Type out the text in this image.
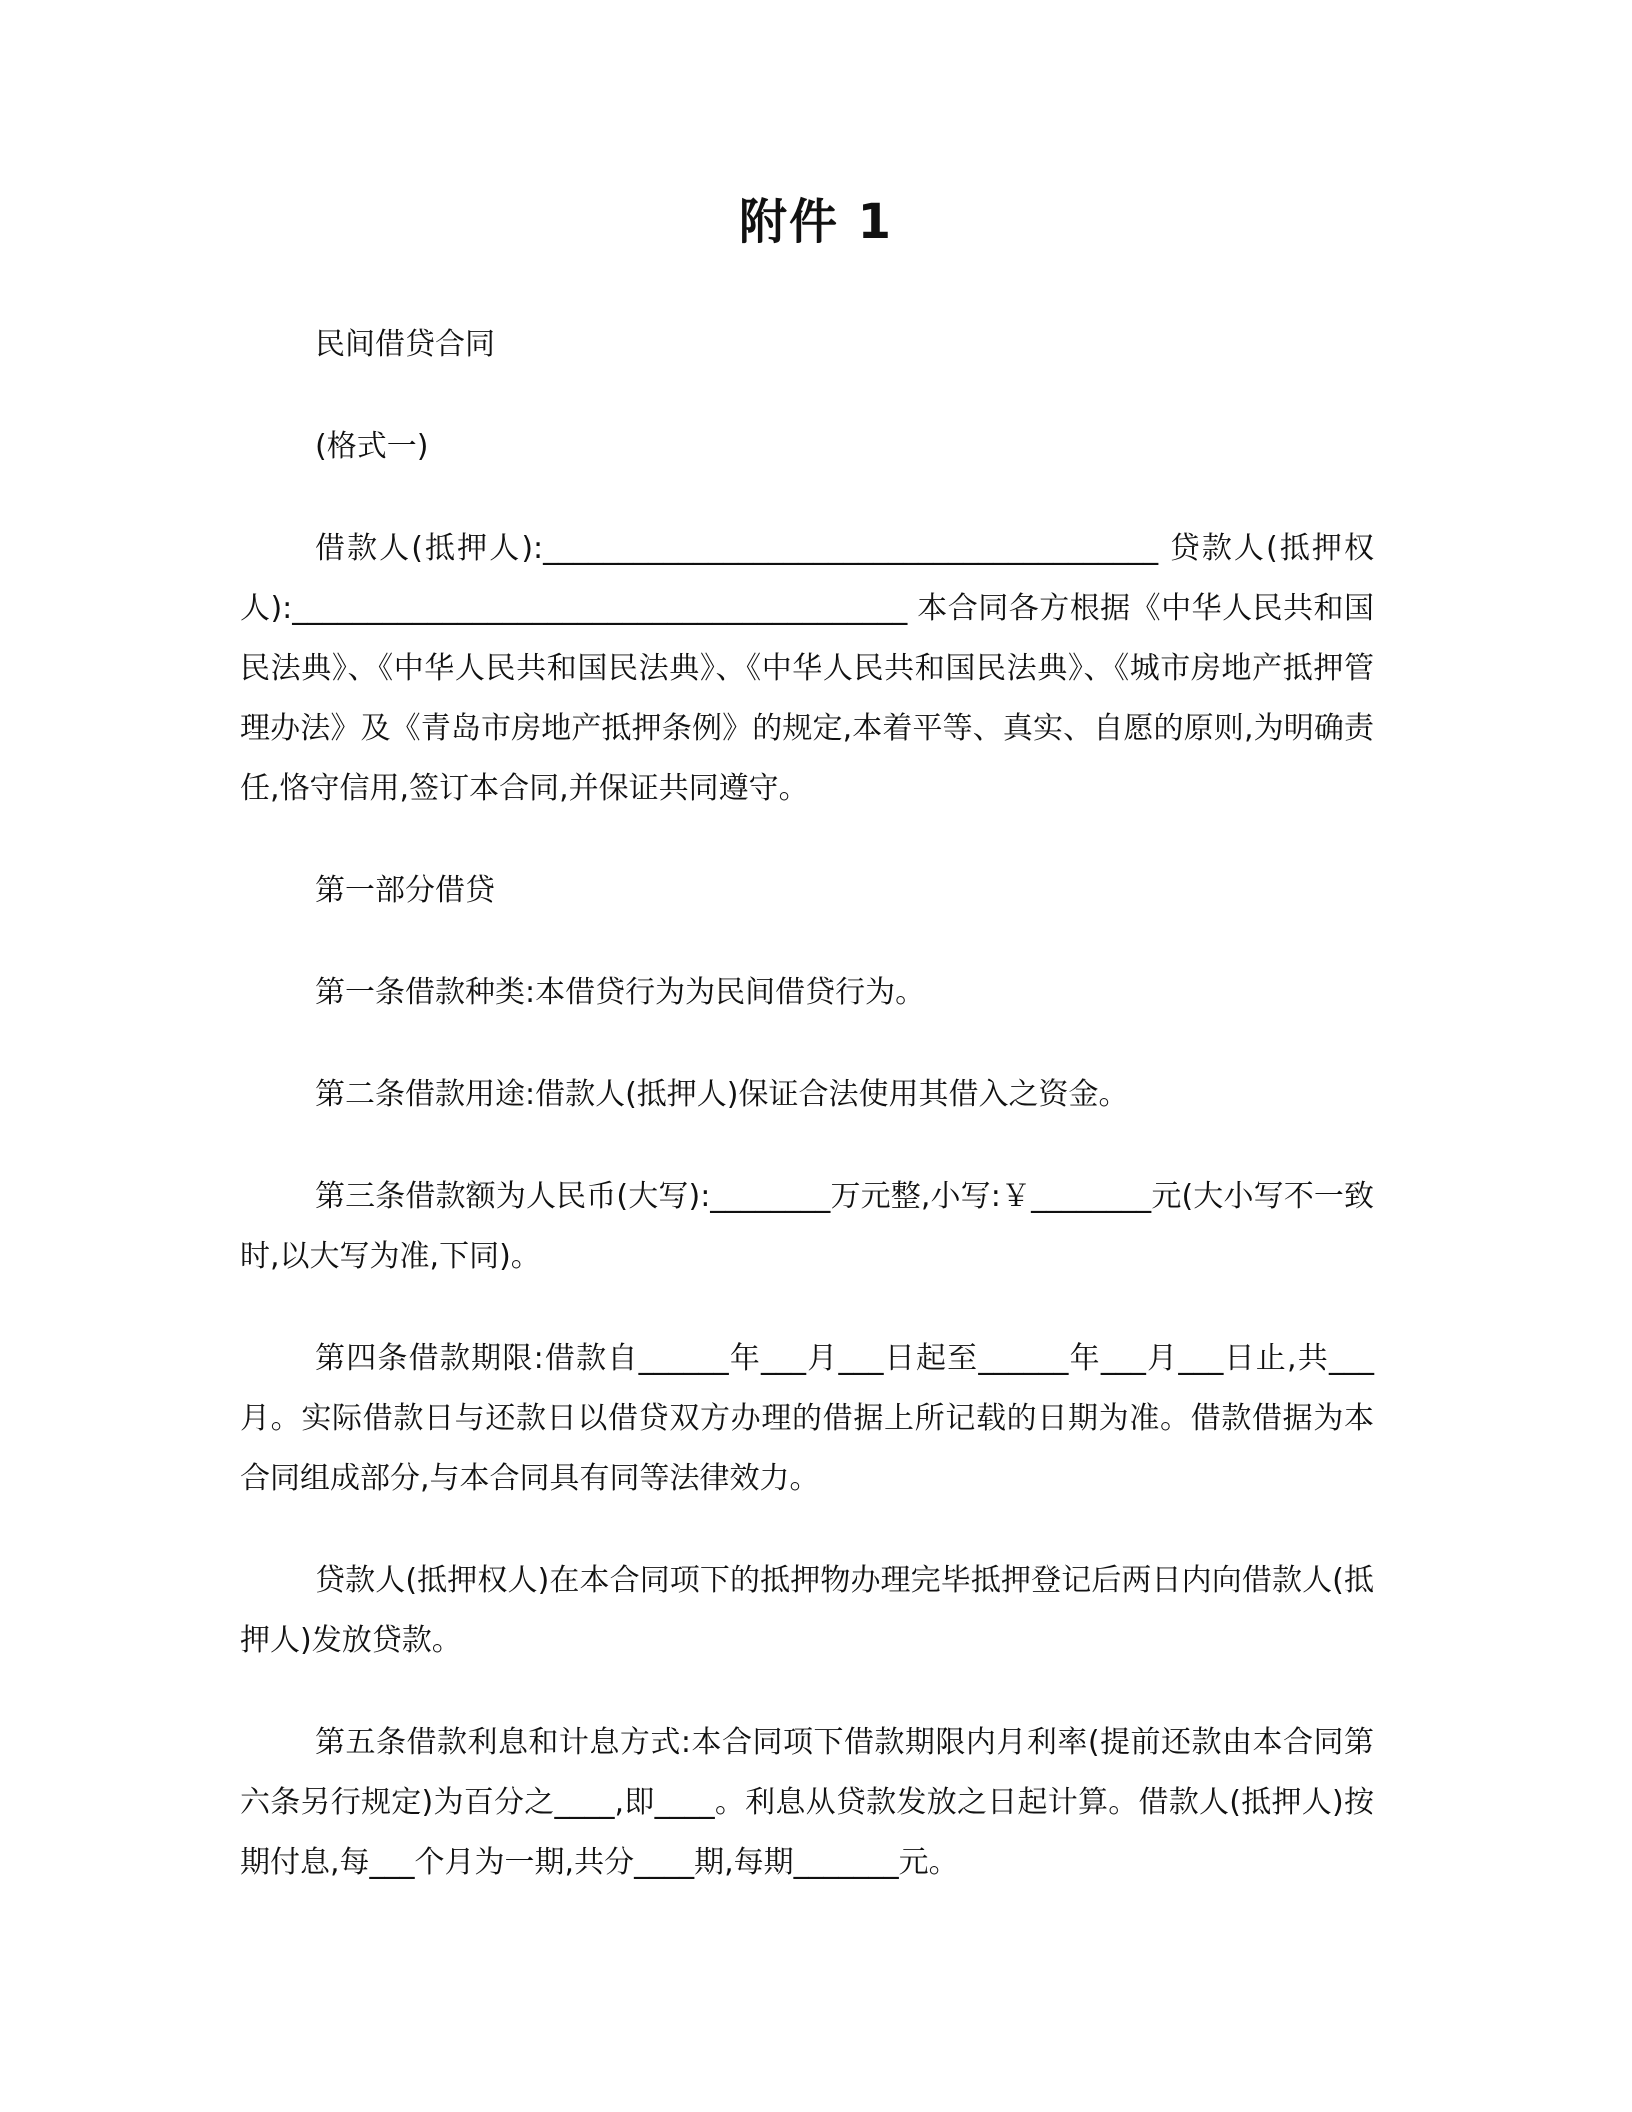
附件 1

民间借贷合同

(格式一)

借款人(抵押人):_________________________________________ 贷款人(抵押权人):_________________________________________ 本合同各方根据《中华人民共和国民法典》、《中华人民共和国民法典》、《中华人民共和国民法典》、《城市房地产抵押管理办法》及《青岛市房地产抵押条例》的规定,本着平等、真实、自愿的原则,为明确责任,恪守信用,签订本合同,并保证共同遵守。

第一部分借贷

第一条借款种类:本借贷行为为民间借贷行为。

第二条借款用途:借款人(抵押人)保证合法使用其借入之资金。

第三条借款额为人民币(大写):________万元整,小写:￥________元(大小写不一致时,以大写为准,下同)。

第四条借款期限:借款自______年___月___日起至______年___月___日止,共___月。实际借款日与还款日以借贷双方办理的借据上所记载的日期为准。借款借据为本合同组成部分,与本合同具有同等法律效力。

贷款人(抵押权人)在本合同项下的抵押物办理完毕抵押登记后两日内向借款人(抵押人)发放贷款。

第五条借款利息和计息方式:本合同项下借款期限内月利率(提前还款由本合同第六条另行规定)为百分之____,即____。利息从贷款发放之日起计算。借款人(抵押人)按期付息,每___个月为一期,共分____期,每期_______元。
